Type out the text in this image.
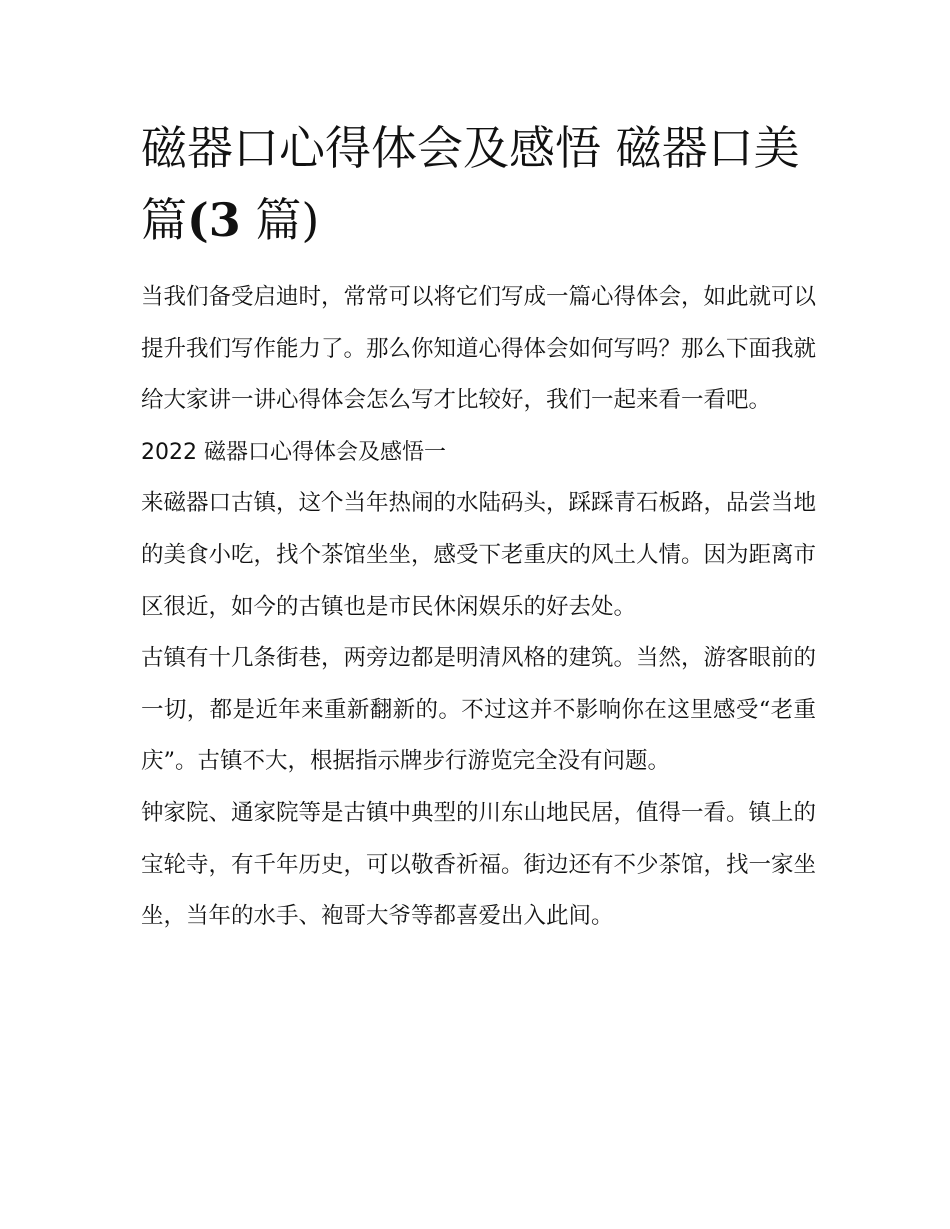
磁器口心得体会及感悟 磁器口美篇(3 篇)

当我们备受启迪时，常常可以将它们写成一篇心得体会，如此就可以提升我们写作能力了。那么你知道心得体会如何写吗？那么下面我就给大家讲一讲心得体会怎么写才比较好，我们一起来看一看吧。

2022 磁器口心得体会及感悟一

来磁器口古镇，这个当年热闹的水陆码头，踩踩青石板路，品尝当地的美食小吃，找个茶馆坐坐，感受下老重庆的风土人情。因为距离市区很近，如今的古镇也是市民休闲娱乐的好去处。

古镇有十几条街巷，两旁边都是明清风格的建筑。当然，游客眼前的一切，都是近年来重新翻新的。不过这并不影响你在这里感受“老重庆”。古镇不大，根据指示牌步行游览完全没有问题。

钟家院、通家院等是古镇中典型的川东山地民居，值得一看。镇上的宝轮寺，有千年历史，可以敬香祈福。街边还有不少茶馆，找一家坐坐，当年的水手、袍哥大爷等都喜爱出入此间。
